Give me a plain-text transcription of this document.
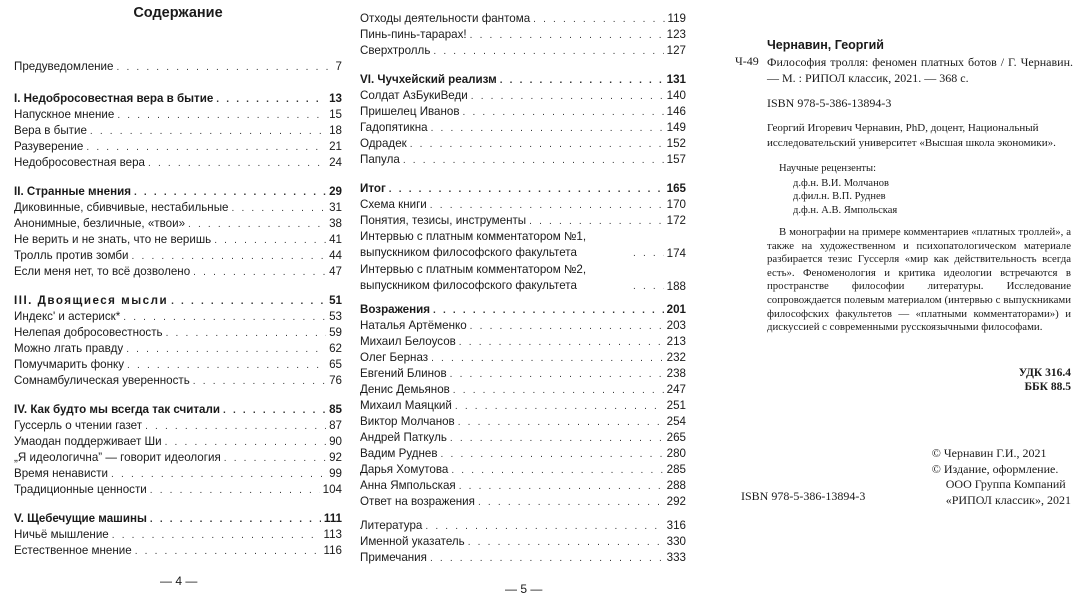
Содержание
Предуведомление . . .	7
I. Недобросовестная вера в бытие . . .	13
Напускное мнение . . .	15
Вера в бытие . . .	18
Разуверение . . .	21
Недобросовестная вера . . .	24
II. Странные мнения . . .	29
Диковинные, сбивчивые, нестабильные . . .	31
Анонимные, безличные, «твои» . . .	38
Не верить и не знать, что не веришь . . .	41
Тролль против зомби . . .	44
Если меня нет, то всё дозволено . . .	47
III. Двоящиеся мысли . . .	51
Индекс' и астериск* . . .	53
Нелепая добросовестность . . .	59
Можно лгать правду . . .	62
Помучмарить фонку . . .	65
Сомнамбулическая уверенность . . .	76
IV. Как будто мы всегда так считали . . .	85
Гуссерль о чтении газет . . .	87
Умаодан поддерживает Ши . . .	90
„Я идеологична” — говорит идеология . . .	92
Время ненависти . . .	99
Традиционные ценности . . .	104
V. Щебечущие машины . . .	111
Ничьё мышление . . .	113
Естественное мнение . . .	116
— 4 —
Отходы деятельности фантома . . .	119
Пинь-пинь-тарарах! . . .	123
Сверхтролль . . .	127
VI. Чучхейский реализм . . .	131
Солдат АзБукиВеди . . .	140
Пришелец Иванов . . .	146
Гадопятикна . . .	149
Одрадек . . .	152
Папула . . .	157
Итог . . .	165
Схема книги . . .	170
Понятия, тезисы, инструменты . . .	172
Интервью с платным комментатором №1, выпускником философского факультета . . .	174
Интервью с платным комментатором №2, выпускником философского факультета . . .	188
Возражения . . .	201
Наталья Артёменко . . .	203
Михаил Белоусов . . .	213
Олег Берназ . . .	232
Евгений Блинов . . .	238
Денис Демьянов . . .	247
Михаил Маяцкий . . .	251
Виктор Молчанов . . .	254
Андрей Паткуль . . .	265
Вадим Руднев . . .	280
Дарья Хомутова . . .	285
Анна Ямпольская . . .	288
Ответ на возражения . . .	292
Литература . . .	316
Именной указатель . . .	330
Примечания . . .	333
— 5 —
Чернавин, Георгий
Ч-49 Философия тролля: феномен платных ботов / Г. Чернавин. — М. : РИПОЛ классик, 2021. — 368 с.
ISBN 978-5-386-13894-3
Георгий Игоревич Чернавин, PhD, доцент, Национальный исследовательский университет «Высшая школа экономики».
Научные рецензенты:
д.ф.н. В.И. Молчанов
д.фил.н. В.П. Руднев
д.ф.н. А.В. Ямпольская

В монографии на примере комментариев «платных троллей», а также на художественном и психопатологическом материале разбирается тезис Гуссерля «мир как действительность всегда есть». Феноменология и критика идеологии встречаются в пространстве философии литературы. Исследование сопровождается полевым материалом (интервью с выпускниками философских факультетов — «платными комментаторами») и дискуссией с современными русскоязычными философами.

УДК 316.4
ББК 88.5
© Чернавин Г.И., 2021
© Издание, оформление.
ООО Группа Компаний
«РИПОЛ классик», 2021
ISBN 978-5-386-13894-3
